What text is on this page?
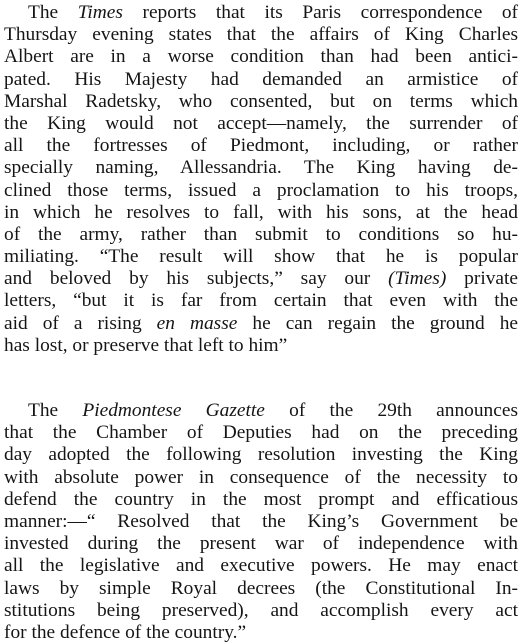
The Times reports that its Paris correspondence of
Thursday evening states that the affairs of King Charles
Albert are in a worse condition than had been antici-
pated. His Majesty had demanded an armistice of
Marshal Radetsky, who consented, but on terms which
the King would not accept—namely, the surrender of
all the fortresses of Piedmont, including, or rather
specially naming, Allessandria. The King having de-
clined those terms, issued a proclamation to his troops,
in which he resolves to fall, with his sons, at the head
of the army, rather than submit to conditions so hu-
miliating. “The result will show that he is popular
and beloved by his subjects,” say our (Times) private
letters, “but it is far from certain that even with the
aid of a rising en masse he can regain the ground he
has lost, or preserve that left to him”
The Piedmontese Gazette of the 29th announces
that the Chamber of Deputies had on the preceding
day adopted the following resolution investing the King
with absolute power in consequence of the necessity to
defend the country in the most prompt and efficatious
manner:—“ Resolved that the King’s Government be
invested during the present war of independence with
all the legislative and executive powers. He may enact
laws by simple Royal decrees (the Constitutional In-
stitutions being preserved), and accomplish every act
for the defence of the country.”
